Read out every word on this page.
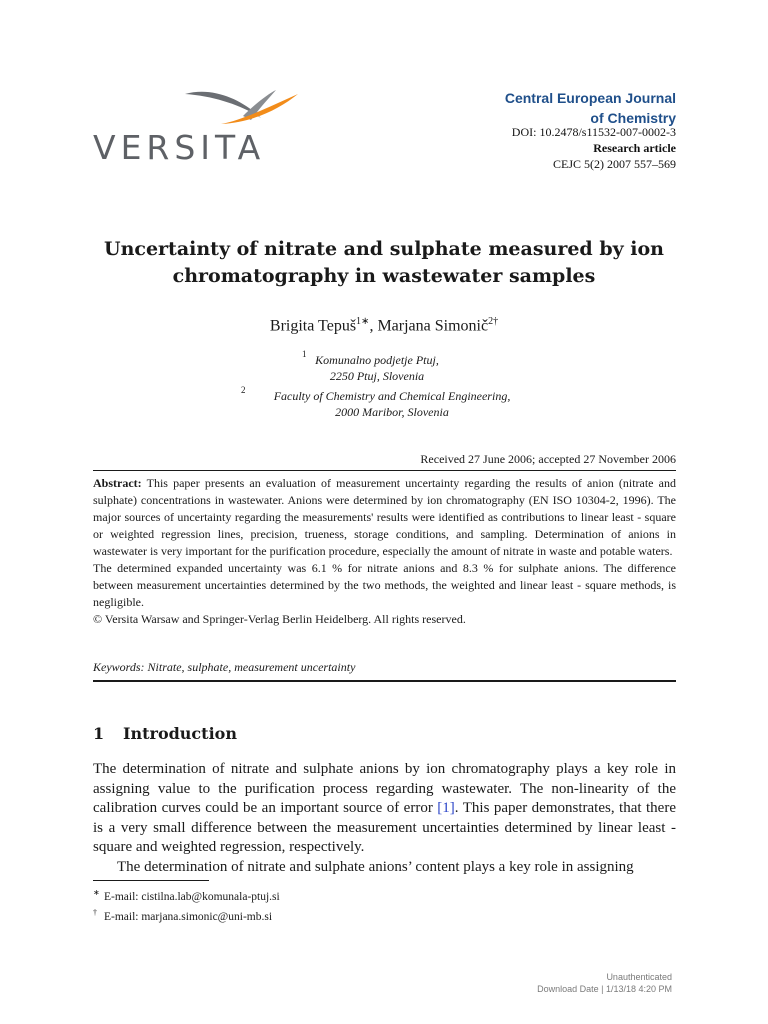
VERSITA
Central European Journal
of Chemistry
DOI: 10.2478/s11532-007-0002-3
Research article
CEJC 5(2) 2007 557–569
Uncertainty of nitrate and sulphate measured by ion
chromatography in wastewater samples
Brigita Tepuš$^{1∗}$, Marjana Simonič$^{2\dagger}$
1 Komunalno podjetje Ptuj,
2250 Ptuj, Slovenia
2	Faculty of Chemistry and Chemical Engineering,
2000 Maribor, Slovenia
Received 27 June 2006; accepted 27 November 2006

Abstract: This paper presents an evaluation of measurement uncertainty regarding the results of anion (nitrate and sulphate) concentrations in wastewater. Anions were determined by ion chromatography (EN ISO 10304-2, 1996). The major sources of uncertainty regarding the measurements' results were identified as contributions to linear least - square or weighted regression lines, precision, trueness, storage conditions, and sampling. Determination of anions in wastewater is very important for the purification procedure, especially the amount of nitrate in waste and potable waters.

The determined expanded uncertainty was 6.1 % for nitrate anions and 8.3 % for sulphate anions. The difference between measurement uncertainties determined by the two methods, the weighted and linear least - square methods, is negligible.

© Versita Warsaw and Springer-Verlag Berlin Heidelberg. All rights reserved.

Keywords: Nitrate, sulphate, measurement uncertainty
1 Introduction

The determination of nitrate and sulphate anions by ion chromatography plays a key role in assigning value to the purification process regarding wastewater. The non-linearity of the calibration curves could be an important source of error [1]. This paper demonstrates, that there is a very small difference between the measurement uncertainties determined by linear least - square and weighted regression, respectively.

The determination of nitrate and sulphate anions’ content plays a key role in assigning

∗ E-mail: cistilna.lab@komunala-ptuj.si
† E-mail: marjana.simonic@uni-mb.si
Unauthenticated
Download Date | 1/13/18 4:20 PM
